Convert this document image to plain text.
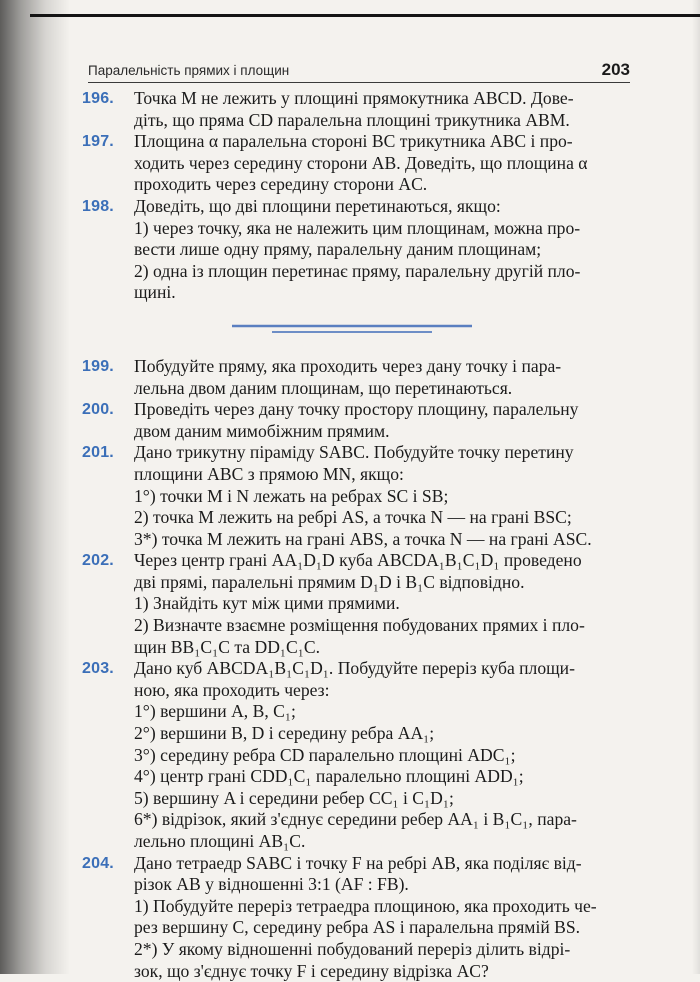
Паралельність прямих і площин	203
196. Точка M не лежить у площині прямокутника ABCD. Дове-
діть, що пряма CD паралельна площині трикутника ABM.
197. Площина α паралельна стороні BC трикутника ABC і про-
ходить через середину сторони AB. Доведіть, що площина α
проходить через середину сторони AC.
198. Доведіть, що дві площини перетинаються, якщо:
1) через точку, яка не належить цим площинам, можна про-
вести лише одну пряму, паралельну даним площинам;
2) одна із площин перетинає пряму, паралельну другій пло-
щині.
199. Побудуйте пряму, яка проходить через дану точку і пара-
лельна двом даним площинам, що перетинаються.
200. Проведіть через дану точку простору площину, паралельну
двом даним мимобіжним прямим.
201. Дано трикутну піраміду SABC. Побудуйте точку перетину
площини ABC з прямою MN, якщо:
1°) точки M і N лежать на ребрах SC і SB;
2) точка M лежить на ребрі AS, а точка N — на грані BSC;
3*) точка M лежить на грані ABS, а точка N — на грані ASC.
202. Через центр грані AA₁D₁D куба ABCDA₁B₁C₁D₁ проведено
дві прямі, паралельні прямим D₁D і B₁C відповідно.
1) Знайдіть кут між цими прямими.
2) Визначте взаємне розміщення побудованих прямих і пло-
щин BB₁C₁C та DD₁C₁C.
203. Дано куб ABCDA₁B₁C₁D₁. Побудуйте переріз куба площи-
ною, яка проходить через:
1°) вершини A, B, C₁;
2°) вершини B, D і середину ребра AA₁;
3°) середину ребра CD паралельно площині ADC₁;
4°) центр грані CDD₁C₁ паралельно площині ADD₁;
5) вершину A і середини ребер CC₁ і C₁D₁;
6*) відрізок, який з'єднує середини ребер AA₁ і B₁C₁, пара-
лельно площині AB₁C.
204. Дано тетраедр SABC і точку F на ребрі AB, яка поділяє від-
різок AB у відношенні 3:1 (AF : FB).
1) Побудуйте переріз тетраедра площиною, яка проходить че-
рез вершину C, середину ребра AS і паралельна прямій BS.
2*) У якому відношенні побудований переріз ділить відрі-
зок, що з'єднує точку F і середину відрізка AC?
